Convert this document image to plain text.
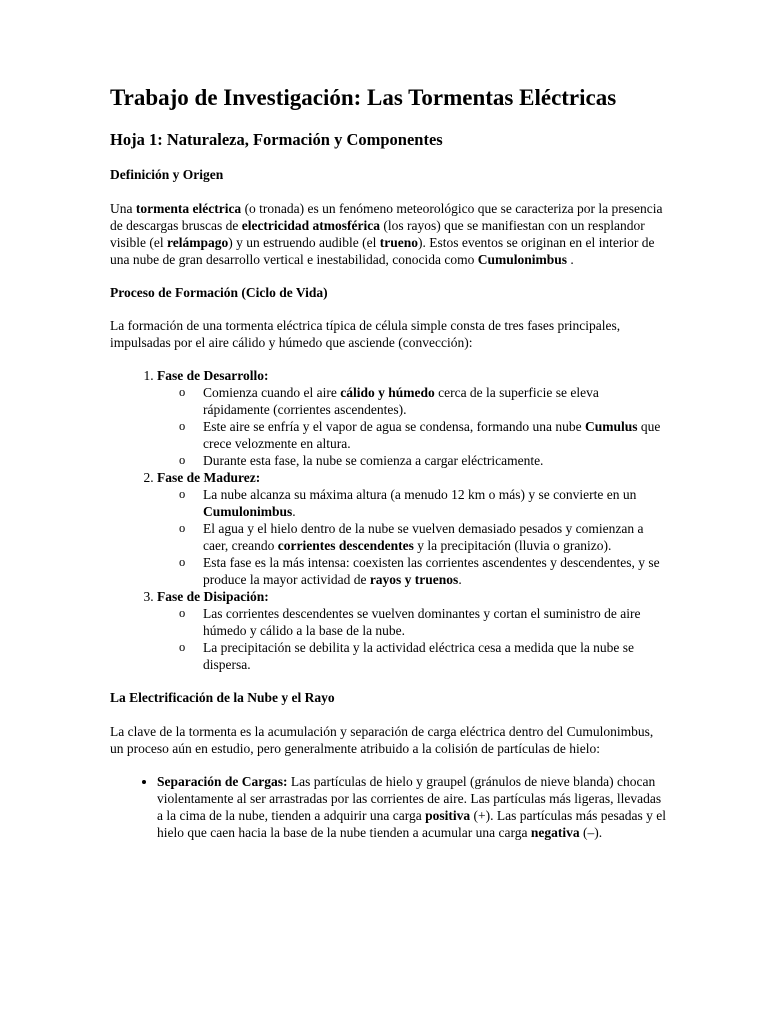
Trabajo de Investigación: Las Tormentas Eléctricas
Hoja 1: Naturaleza, Formación y Componentes
Definición y Origen

Una tormenta eléctrica (o tronada) es un fenómeno meteorológico que se caracteriza por la presencia de descargas bruscas de electricidad atmosférica (los rayos) que se manifiestan con un resplandor visible (el relámpago) y un estruendo audible (el trueno). Estos eventos se originan en el interior de una nube de gran desarrollo vertical e inestabilidad, conocida como Cumulonimbus .

Proceso de Formación (Ciclo de Vida)

La formación de una tormenta eléctrica típica de célula simple consta de tres fases principales, impulsadas por el aire cálido y húmedo que asciende (convección):

1. Fase de Desarrollo:
o Comienza cuando el aire cálido y húmedo cerca de la superficie se eleva rápidamente (corrientes ascendentes).
o Este aire se enfría y el vapor de agua se condensa, formando una nube Cumulus que crece velozmente en altura.
o Durante esta fase, la nube se comienza a cargar eléctricamente.
2. Fase de Madurez:
o La nube alcanza su máxima altura (a menudo 12 km o más) y se convierte en un Cumulonimbus.
o El agua y el hielo dentro de la nube se vuelven demasiado pesados y comienzan a caer, creando corrientes descendentes y la precipitación (lluvia o granizo).
o Esta fase es la más intensa: coexisten las corrientes ascendentes y descendentes, y se produce la mayor actividad de rayos y truenos.
3. Fase de Disipación:
o Las corrientes descendentes se vuelven dominantes y cortan el suministro de aire húmedo y cálido a la base de la nube.
o La precipitación se debilita y la actividad eléctrica cesa a medida que la nube se dispersa.
La Electrificación de la Nube y el Rayo

La clave de la tormenta es la acumulación y separación de carga eléctrica dentro del Cumulonimbus, un proceso aún en estudio, pero generalmente atribuido a la colisión de partículas de hielo:

• Separación de Cargas: Las partículas de hielo y graupel (gránulos de nieve blanda) chocan violentamente al ser arrastradas por las corrientes de aire. Las partículas más ligeras, llevadas a la cima de la nube, tienden a adquirir una carga positiva (+). Las partículas más pesadas y el hielo que caen hacia la base de la nube tienden a acumular una carga negativa (–).
